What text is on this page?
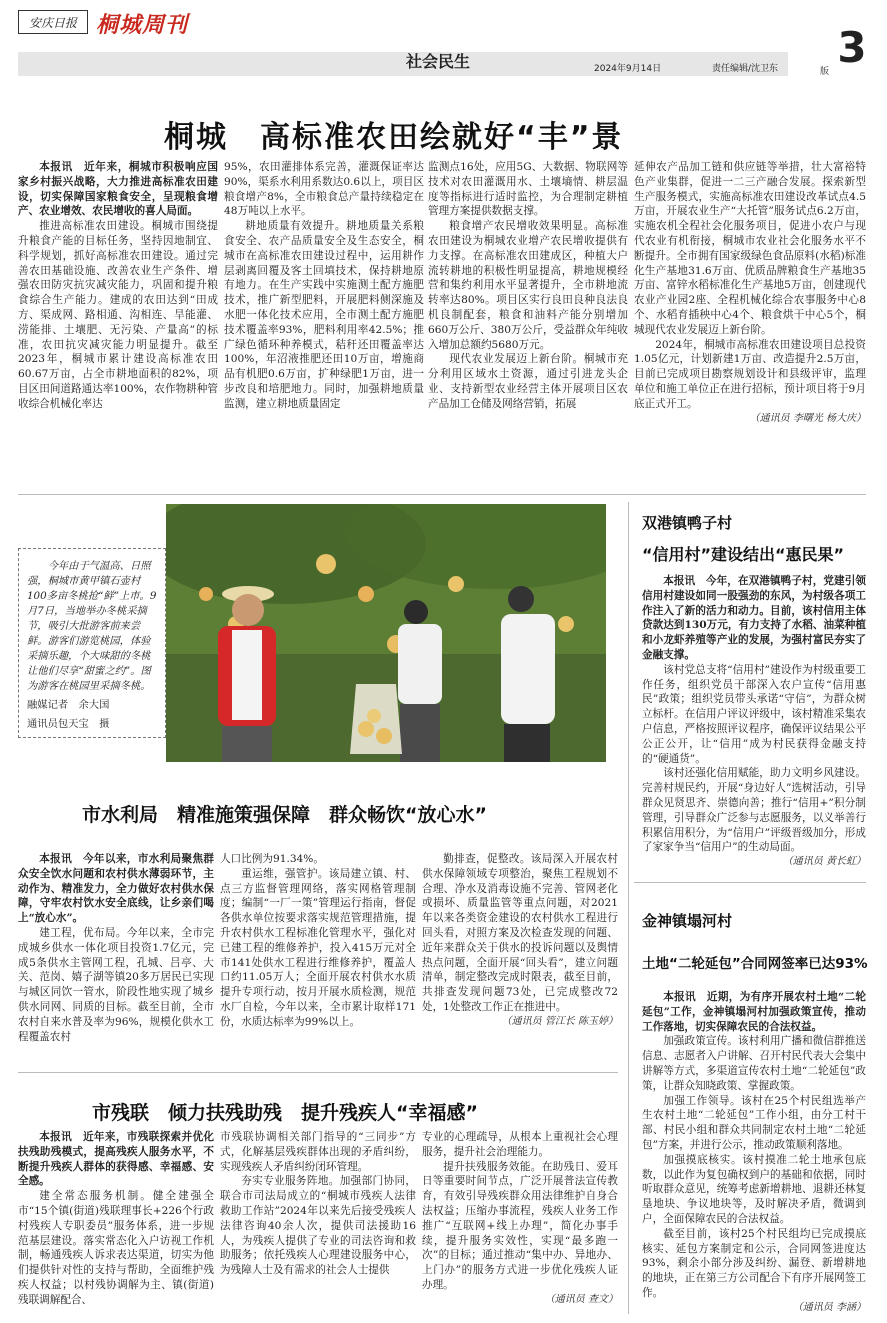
安庆日报 桐城周刊
社会民生	2024年9月14日	责任编辑/沈卫东 3
版
桐城　高标准农田绘就好“丰”景

本报讯　近年来，桐城市积极响应国家乡村振兴战略，大力推进高标准农田建设，切实保障国家粮食安全，呈现粮食增产、农业增效、农民增收的喜人局面。

推进高标准农田建设。桐城市围绕提升粮食产能的目标任务，坚持因地制宜、科学规划，抓好高标准农田建设。通过完善农田基础设施、改善农业生产条件、增强农田防灾抗灾减灾能力，巩固和提升粮食综合生产能力。建成的农田达到“田成方、渠成网、路相通、沟相连、旱能灌、涝能排、土壤肥、无污染、产量高”的标准，农田抗灾减灾能力明显提升。截至2023年，桐城市累计建设高标准农田60.67万亩，占全市耕地面积的82%，项目区田间道路通达率100%，农作物耕种管收综合机械化率达

95%，农田灌排体系完善，灌溉保证率达90%，渠系水利用系数达0.6以上，项目区粮食增产8%，全市粮食总产量持续稳定在48万吨以上水平。

耕地质量有效提升。耕地质量关系粮食安全、农产品质量安全及生态安全，桐城市在高标准农田建设过程中，运用耕作层剥离回覆及客土回填技术，保持耕地原有地力。在生产实践中实施测土配方施肥技术，推广新型肥料，开展肥料侧深施及水肥一体化技术应用，全市测土配方施肥技术覆盖率93%，肥料利用率42.5%；推广绿色循环种养模式，秸秆还田覆盖率达100%，年沼液推肥还田10万亩，增施商品有机肥0.6万亩，扩种绿肥1万亩，进一步改良和培肥地力。同时，加强耕地质量监测，建立耕地质量固定

监测点16处，应用5G、大数据、物联网等技术对农田灌溉用水、土壤墒情、耕层温度等指标进行适时监控，为合理制定耕植管理方案提供数据支撑。

粮食增产农民增收效果明显。高标准农田建设为桐城农业增产农民增收提供有力支撑。在高标准农田建成区，种植大户流转耕地的积极性明显提高，耕地规模经营和集约利用水平显著提升，全市耕地流转率达80%。项目区实行良田良种良法良机良制配套，粮食和油料产能分别增加660万公斤、380万公斤，受益群众年纯收入增加总额约5680万元。

现代农业发展迈上新台阶。桐城市充分利用区域水土资源，通过引进龙头企业、支持新型农业经营主体开展项目区农产品加工仓储及网络营销，拓展

延伸农产品加工链和供应链等举措，壮大富裕特色产业集群，促进一二三产融合发展。探索新型生产服务模式，实施高标准农田建设改革试点4.5万亩，开展农业生产“大托管”服务试点6.2万亩，实施农机全程社会化服务项目，促进小农户与现代农业有机衔接，桐城市农业社会化服务水平不断提升。全市拥有国家级绿色食品原料(水稻)标准化生产基地31.6万亩、优质品牌粮食生产基地35万亩、富锌水稻标准化生产基地5万亩，创建现代农业产业园2座、全程机械化综合农事服务中心8个、水稻育插秧中心4个、粮食烘干中心5个，桐城现代农业发展迈上新台阶。

2024年，桐城市高标准农田建设项目总投资1.05亿元，计划新建1万亩、改造提升2.5万亩，目前已完成项目勘察规划设计和县级评审，监理单位和施工单位正在进行招标，预计项目将于9月底正式开工。

（通讯员 李曙光 杨大庆）

今年由于气温高、日照强，桐城市黄甲镇石壶村100多亩冬桃抢“鲜”上市。9月7日，当地举办冬桃采摘节，吸引大批游客前来尝鲜。游客们游览桃园，体验采摘乐趣，个大味甜的冬桃让他们尽享“甜蜜之约”。图为游客在桃园里采摘冬桃。

融媒记者　余大国

通讯员包天宝　摄

市水利局　精准施策强保障　群众畅饮“放心水”

本报讯　今年以来，市水利局聚焦群众安全饮水问题和农村供水薄弱环节，主动作为、精准发力，全力做好农村供水保障，守牢农村饮水安全底线，让乡亲们喝上“放心水”。

建工程，优布局。今年以来，全市完成城乡供水一体化项目投资1.7亿元，完成5条供水主管网工程，孔城、吕亭、大关、范岗、嬉子湖等镇20多万居民已实现与城区同饮一管水，阶段性地实现了城乡供水同网、同质的目标。截至目前，全市农村自来水普及率为96%，规模化供水工程覆盖农村

人口比例为91.34%。

重运维，强管护。该局建立镇、村、点三方监督管理网络，落实网格管理制度；编制“一厂一策”管理运行指南，督促各供水单位按要求落实规范管理措施，提升农村供水工程标准化管理水平，强化对已建工程的维修养护，投入415万元对全市141处供水工程进行维修养护，覆盖人口约11.05万人；全面开展农村供水水质提升专项行动，按月开展水质检测，规范水厂自检，今年以来，全市累计取样171份，水质达标率为99%以上。

勤排查，促整改。该局深入开展农村供水保障领域专项整治，聚焦工程规划不合理、净水及消毒设施不完善、管网老化或损坏、质量监管等重点问题，对2021年以来各类资金建设的农村供水工程进行回头看，对照方案及次检查发现的问题、近年来群众关于供水的投诉问题以及舆情热点问题，全面开展“回头看”，建立问题清单，制定整改完成时限表，截至目前，共排查发现问题73处，已完成整改72处，1处整改工作正在推进中。

（通讯员 管江长 陈玉婷）
市残联　倾力扶残助残　提升残疾人“幸福感”

本报讯　近年来，市残联探索并优化扶残助残模式，提高残疾人服务水平，不断提升残疾人群体的获得感、幸福感、安全感。

建全常态服务机制。健全建强全市“15个镇(街道)残联理事长+226个行政村残疾人专职委员”服务体系，进一步规范基层建设。落实常态化入户访视工作机制，畅通残疾人诉求表达渠道，切实为他们提供针对性的支持与帮助，全面维护残疾人权益；以村残协调解为主、镇(街道)残联调解配合、

市残联协调相关部门指导的“三同步”方式，化解基层残疾群体出现的矛盾纠纷，实现残疾人矛盾纠纷闭环管理。

夯实专业服务阵地。加强部门协同，联合市司法局成立的“桐城市残疾人法律救助工作站”2024年以来先后接受残疾人法律咨询40余人次，提供司法援助16人，为残疾人提供了专业的司法咨询和救助服务；依托残疾人心理建设服务中心，为残障人士及有需求的社会人士提供

专业的心理疏导，从根本上重视社会心理服务，提升社会治理能力。

提升扶残服务效能。在助残日、爱耳日等重要时间节点，广泛开展普法宣传教育，有效引导残疾群众用法律维护自身合法权益；压缩办事流程，残疾人业务工作推广“互联网+线上办理”，简化办事手续，提升服务实效性，实现“最多跑一次”的目标；通过推动“集中办、异地办、上门办”的服务方式进一步优化残疾人证办理。

（通讯员 查文）
双港镇鸭子村
“信用村”建设结出“惠民果”

本报讯　今年，在双港镇鸭子村，党建引领信用村建设如同一股强劲的东风，为村级各项工作注入了新的活力和动力。目前，该村信用主体贷款达到130万元，有力支持了水稻、油菜种植和小龙虾养殖等产业的发展，为强村富民夯实了金融支撑。

该村党总支将“信用村”建设作为村级重要工作任务，组织党员干部深入农户宣传“信用惠民”政策；组织党员带头承诺“守信”，为群众树立标杆。在信用户评议评级中，该村精准采集农户信息，严格按照评议程序，确保评议结果公平公正公开，让“信用”成为村民获得金融支持的“硬通货”。

该村还强化信用赋能，助力文明乡风建设。完善村规民约，开展“身边好人”选树活动，引导群众见贤思齐、崇德向善；推行“信用+”积分制管理，引导群众广泛参与志愿服务，以义举善行积累信用积分，为“信用户”评级晋级加分，形成了家家争当“信用户”的生动局面。

（通讯员 黄长虹）
金神镇塌河村
土地“二轮延包”合同网签率已达93%

本报讯　近期，为有序开展农村土地“二轮延包”工作，金神镇塌河村加强政策宣传，推动工作落地，切实保障农民的合法权益。

加强政策宣传。该村利用广播和微信群推送信息、志愿者入户讲解、召开村民代表大会集中讲解等方式，多渠道宣传农村土地“二轮延包”政策，让群众知晓政策、掌握政策。

加强工作领导。该村在25个村民组选举产生农村土地“二轮延包”工作小组，由分工村干部、村民小组和群众共同制定农村土地“二轮延包”方案，并进行公示，推动政策顺利落地。

加强摸底核实。该村摸准二轮土地承包底数，以此作为复包确权到户的基础和依据，同时听取群众意见，统筹考虑新增耕地、退耕还林复垦地块、争议地块等，及时解决矛盾，微调到户，全面保障农民的合法权益。

截至目前，该村25个村民组均已完成摸底核实、延包方案制定和公示，合同网签进度达93%，剩余小部分涉及纠纷、漏登、新增耕地的地块，正在第三方公司配合下有序开展网签工作。

（通讯员 李涵）
